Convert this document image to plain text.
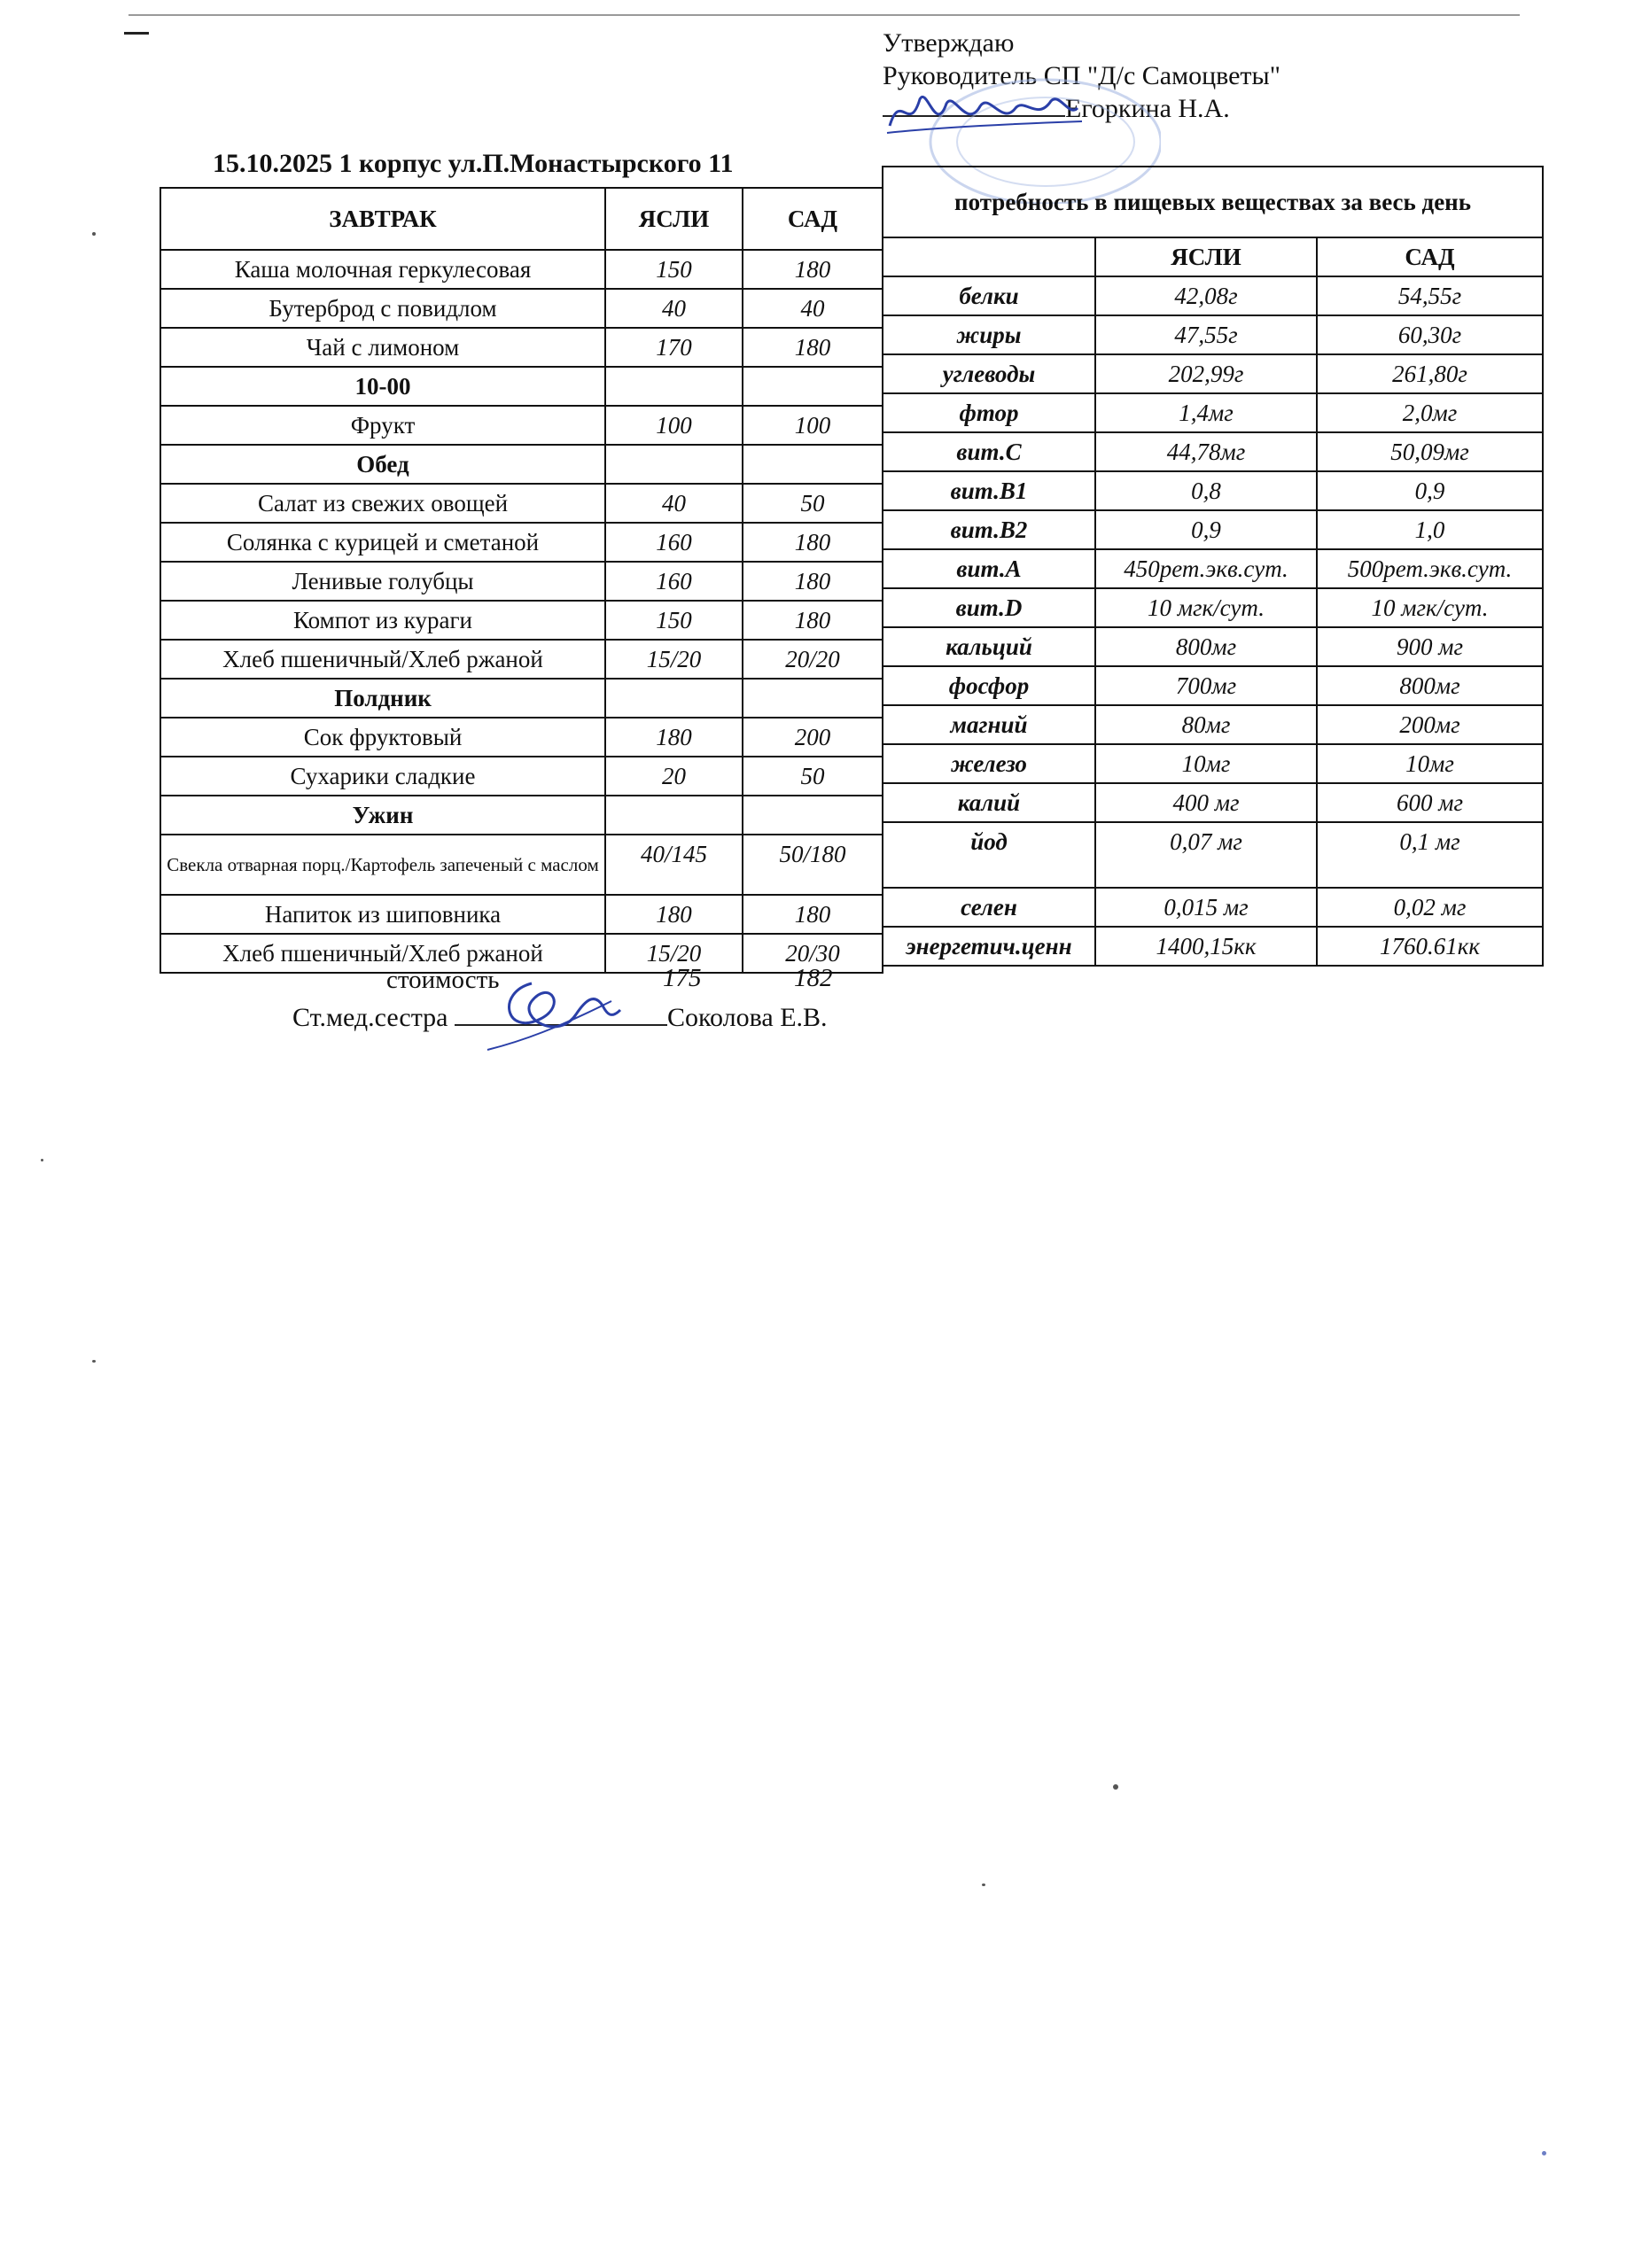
Утверждаю
Руководитель СП "Д/с Самоцветы"
Егоркина Н.А.
15.10.2025 1 корпус ул.П.Монастырского 11
ЗАВТРАК	ЯСЛИ	САД
Каша молочная геркулесовая	150	180
Бутерброд с повидлом	40	40
Чай с лимоном	170	180
10-00		
Фрукт	100	100
Обед		
Салат из свежих овощей	40	50
Солянка с курицей и сметаной	160	180
Ленивые голубцы	160	180
Компот из кураги	150	180
Хлеб пшеничный/Хлеб ржаной	15/20	20/20
Полдник		
Сок фруктовый	180	200
Сухарики сладкие	20	50
Ужин		
Свекла отварная порц./Картофель запеченый с маслом	40/145	50/180
Напиток из шиповника	180	180
Хлеб пшеничный/Хлеб ржаной	15/20	20/30
потребность в пищевых веществах за весь день		
	ЯСЛИ	САД
белки	42,08г	54,55г
жиры	47,55г	60,30г
углеводы	202,99г	261,80г
фтор	1,4мг	2,0мг
вит.С	44,78мг	50,09мг
вит.В1	0,8	0,9
вит.В2	0,9	1,0
вит.А	450рет.экв.сут.	500рет.экв.сут.
вит.D	10 мгк/сут.	10 мгк/сут.
кальций	800мг	900 мг
фосфор	700мг	800мг
магний	80мг	200мг
железо	10мг	10мг
калий	400 мг	600 мг
йод	0,07 мг	0,1 мг
селен	0,015 мг	0,02 мг
энергетич.ценн	1400,15кк	1760.61кк
стоимость	175	182
Ст.мед.сестра	Соколова Е.В.
